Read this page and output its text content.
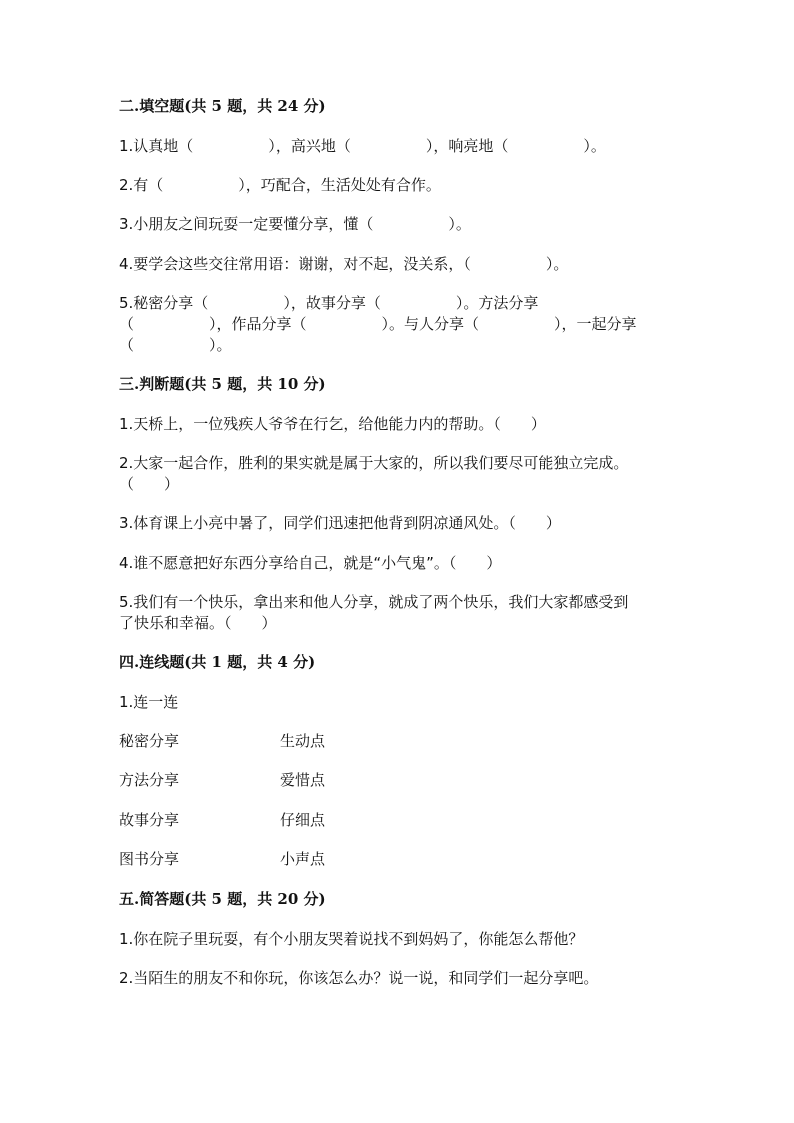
二.填空题(共 5 题，共 24 分)
1.认真地（　　　　　），高兴地（　　　　　），响亮地（　　　　　）。
2.有（　　　　　），巧配合，生活处处有合作。
3.小朋友之间玩耍一定要懂分享，懂（　　　　　）。
4.要学会这些交往常用语：谢谢，对不起，没关系，（　　　　　）。
5.秘密分享（　　　　　），故事分享（　　　　　）。方法分享
（　　　　　），作品分享（　　　　　）。与人分享（　　　　　），一起分享
（　　　　　）。
三.判断题(共 5 题，共 10 分)
1.天桥上，一位残疾人爷爷在行乞，给他能力内的帮助。（　　）
2.大家一起合作，胜利的果实就是属于大家的，所以我们要尽可能独立完成。
（　　）
3.体育课上小亮中暑了，同学们迅速把他背到阴凉通风处。（　　）
4.谁不愿意把好东西分享给自己，就是“小气鬼”。（　　）
5.我们有一个快乐，拿出来和他人分享，就成了两个快乐，我们大家都感受到
了快乐和幸福。（　　）
四.连线题(共 1 题，共 4 分)
1.连一连
秘密分享	生动点
方法分享	爱惜点
故事分享	仔细点
图书分享	小声点
五.简答题(共 5 题，共 20 分)
1.你在院子里玩耍，有个小朋友哭着说找不到妈妈了，你能怎么帮他？
2.当陌生的朋友不和你玩，你该怎么办？说一说，和同学们一起分享吧。
